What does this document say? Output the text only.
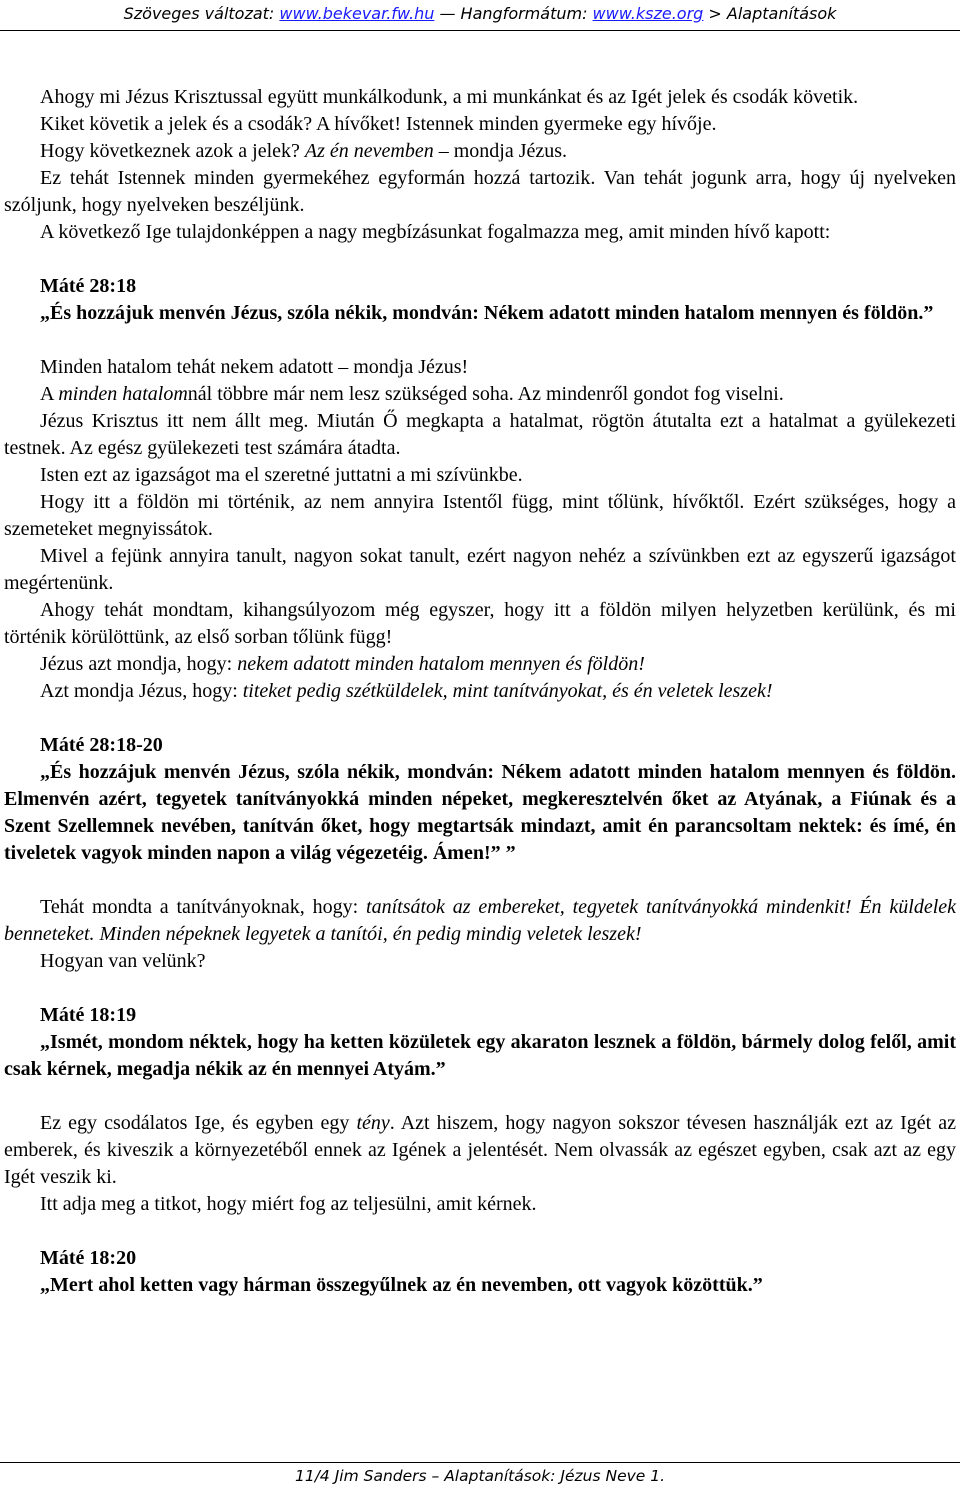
Szöveges változat: www.bekevar.fw.hu — Hangformátum: www.ksze.org > Alaptanítások

Ahogy mi Jézus Krisztussal együtt munkálkodunk, a mi munkánkat és az Igét jelek és csodák követik.

Kiket követik a jelek és a csodák? A hívőket! Istennek minden gyermeke egy hívője.

Hogy következnek azok a jelek? Az én nevemben – mondja Jézus.

Ez tehát Istennek minden gyermekéhez egyformán hozzá tartozik. Van tehát jogunk arra, hogy új nyelveken szóljunk, hogy nyelveken beszéljünk.

A következő Ige tulajdonképpen a nagy megbízásunkat fogalmazza meg, amit minden hívő kapott:

Máté 28:18

„És hozzájuk menvén Jézus, szóla nékik, mondván: Nékem adatott minden hatalom mennyen és földön.”

Minden hatalom tehát nekem adatott – mondja Jézus!

A minden hatalomnál többre már nem lesz szükséged soha. Az mindenről gondot fog viselni.

Jézus Krisztus itt nem állt meg. Miután Ő megkapta a hatalmat, rögtön átutalta ezt a hatalmat a gyülekezeti testnek. Az egész gyülekezeti test számára átadta.

Isten ezt az igazságot ma el szeretné juttatni a mi szívünkbe.

Hogy itt a földön mi történik, az nem annyira Istentől függ, mint tőlünk, hívőktől. Ezért szükséges, hogy a szemeteket megnyissátok.

Mivel a fejünk annyira tanult, nagyon sokat tanult, ezért nagyon nehéz a szívünkben ezt az egyszerű igazságot megértenünk.

Ahogy tehát mondtam, kihangsúlyozom még egyszer, hogy itt a földön milyen helyzetben kerülünk, és mi történik körülöttünk, az első sorban tőlünk függ!

Jézus azt mondja, hogy: nekem adatott minden hatalom mennyen és földön!

Azt mondja Jézus, hogy: titeket pedig szétküldelek, mint tanítványokat, és én veletek leszek!

Máté 28:18-20

„És hozzájuk menvén Jézus, szóla nékik, mondván: Nékem adatott minden hatalom mennyen és földön. Elmenvén azért, tegyetek tanítványokká minden népeket, megkeresztelvén őket az Atyának, a Fiúnak és a Szent Szellemnek nevében, tanítván őket, hogy megtartsák mindazt, amit én parancsoltam nektek: és ímé, én tiveletek vagyok minden napon a világ végezetéig. Ámen!” ”

Tehát mondta a tanítványoknak, hogy: tanítsátok az embereket, tegyetek tanítványokká mindenkit! Én küldelek benneteket. Minden népeknek legyetek a tanítói, én pedig mindig veletek leszek!

Hogyan van velünk?

Máté 18:19

„Ismét, mondom néktek, hogy ha ketten közületek egy akaraton lesznek a földön, bármely dolog felől, amit csak kérnek, megadja nékik az én mennyei Atyám.”

Ez egy csodálatos Ige, és egyben egy tény. Azt hiszem, hogy nagyon sokszor tévesen használják ezt az Igét az emberek, és kiveszik a környezetéből ennek az Igének a jelentését. Nem olvassák az egészet egyben, csak azt az egy Igét veszik ki.

Itt adja meg a titkot, hogy miért fog az teljesülni, amit kérnek.

Máté 18:20

„Mert ahol ketten vagy hárman összegyűlnek az én nevemben, ott vagyok közöttük.”

11/4 Jim Sanders – Alaptanítások: Jézus Neve 1.
